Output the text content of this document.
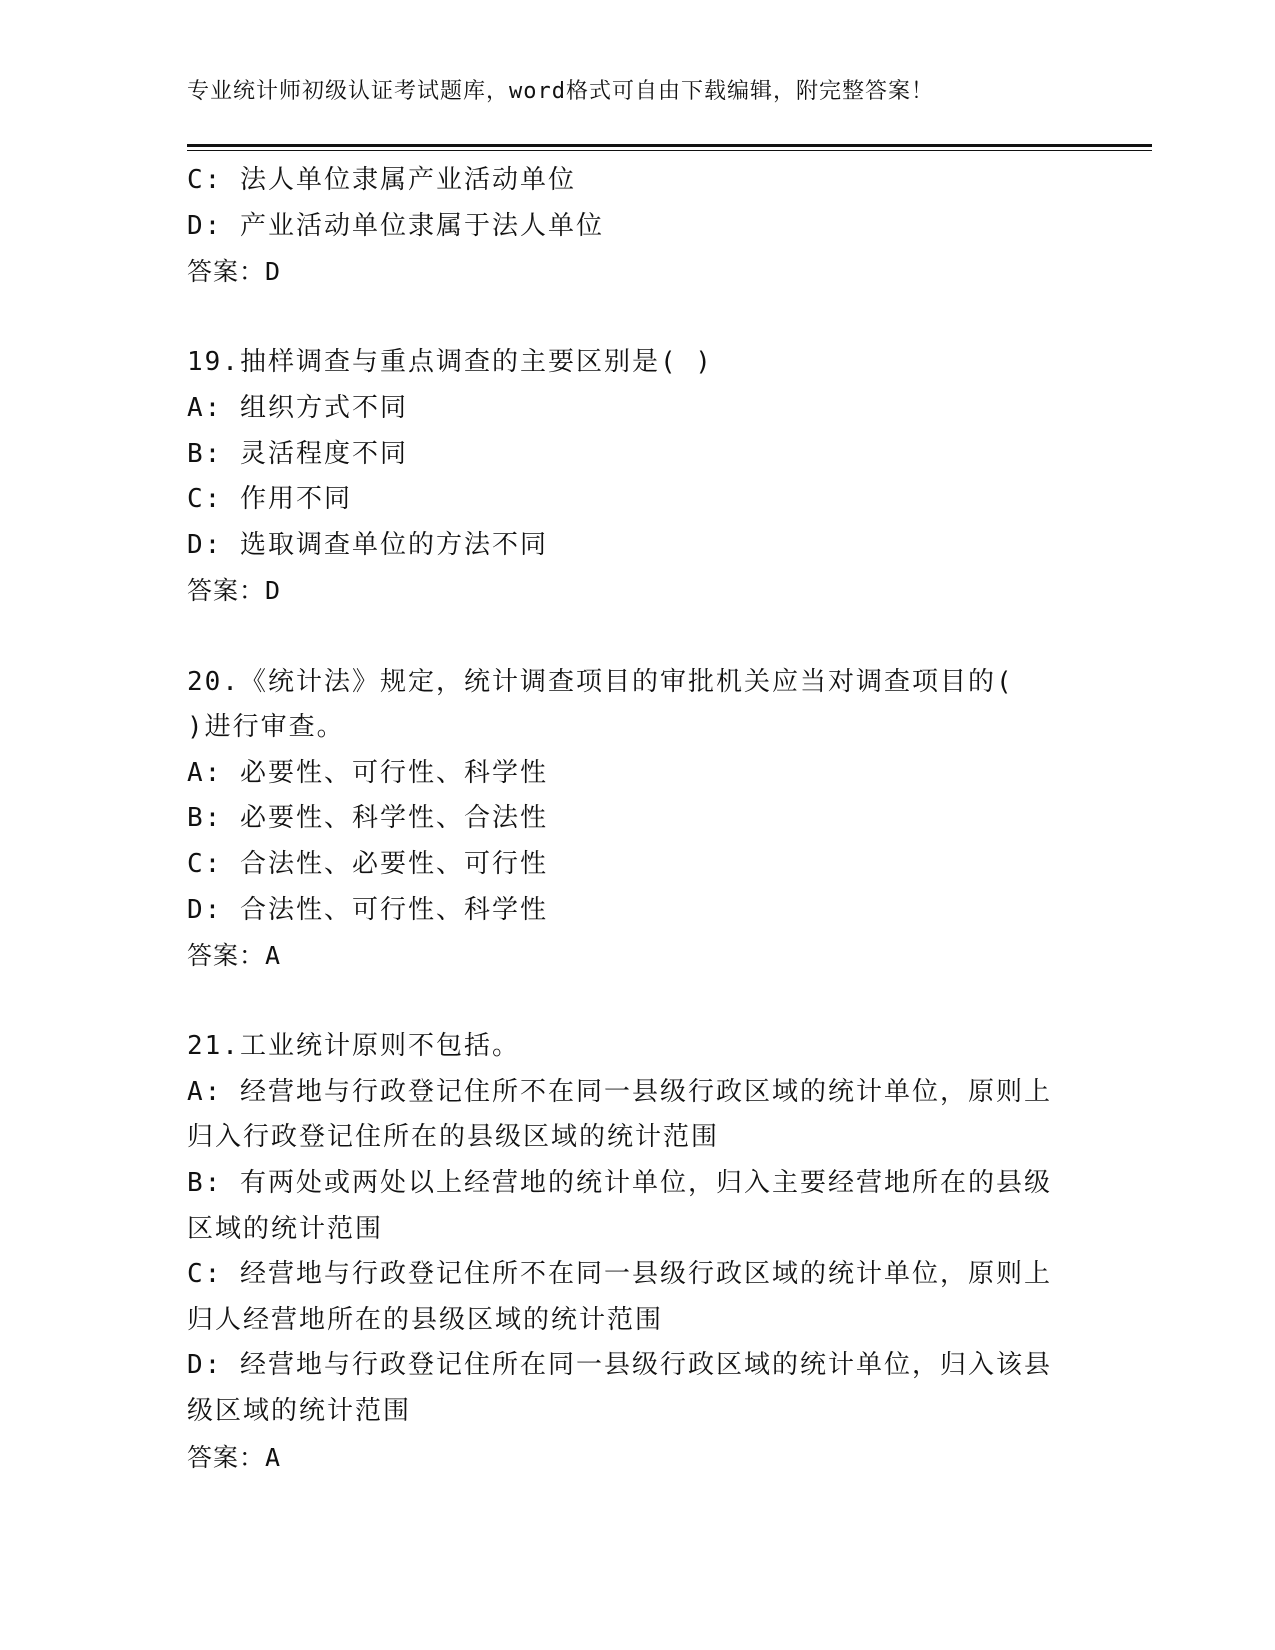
专业统计师初级认证考试题库，word格式可自由下载编辑，附完整答案！
C: 法人单位隶属产业活动单位
D: 产业活动单位隶属于法人单位
答案：D
19.抽样调查与重点调查的主要区别是( )
A: 组织方式不同
B: 灵活程度不同
C: 作用不同
D: 选取调查单位的方法不同
答案：D
20.《统计法》规定，统计调查项目的审批机关应当对调查项目的(
)进行审查。
A: 必要性、可行性、科学性
B: 必要性、科学性、合法性
C: 合法性、必要性、可行性
D: 合法性、可行性、科学性
答案：A
21.工业统计原则不包括。
A: 经营地与行政登记住所不在同一县级行政区域的统计单位，原则上
归入行政登记住所在的县级区域的统计范围
B: 有两处或两处以上经营地的统计单位，归入主要经营地所在的县级
区域的统计范围
C: 经营地与行政登记住所不在同一县级行政区域的统计单位，原则上
归人经营地所在的县级区域的统计范围
D: 经营地与行政登记住所在同一县级行政区域的统计单位，归入该县
级区域的统计范围
答案：A
